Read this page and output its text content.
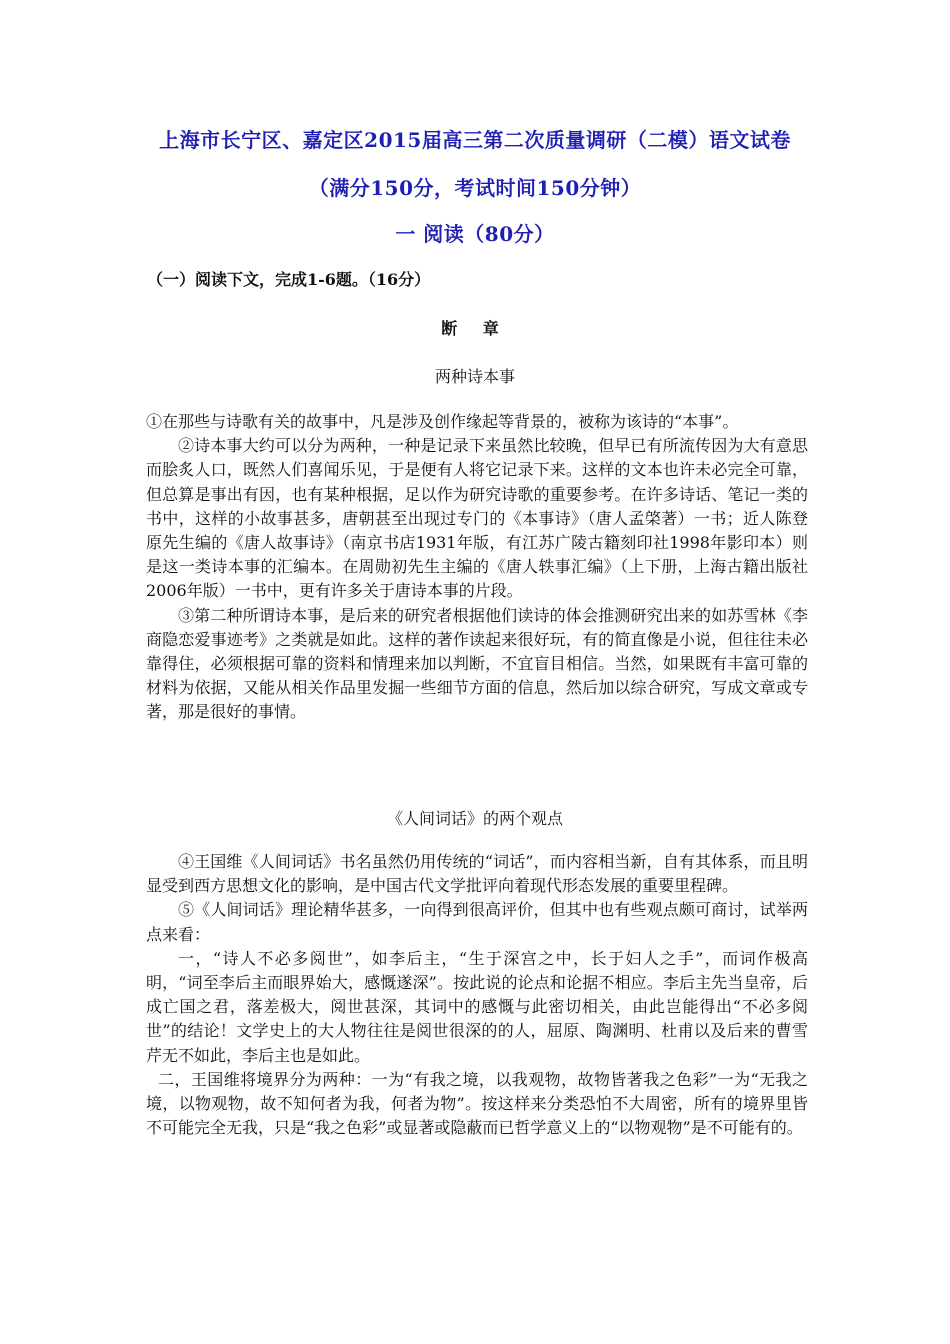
上海市长宁区、嘉定区2015届高三第二次质量调研（二模）语文试卷
（满分150分，考试时间150分钟）
一 阅读（80分）
（一）阅读下文，完成1-6题。（16分）
断 章
两种诗本事

①在那些与诗歌有关的故事中，凡是涉及创作缘起等背景的，被称为该诗的“本事”。

②诗本事大约可以分为两种，一种是记录下来虽然比较晚，但早已有所流传因为大有意思而脍炙人口，既然人们喜闻乐见，于是便有人将它记录下来。这样的文本也许未必完全可靠，但总算是事出有因，也有某种根据，足以作为研究诗歌的重要参考。在许多诗话、笔记一类的书中，这样的小故事甚多，唐朝甚至出现过专门的《本事诗》（唐人孟棨著）一书；近人陈登原先生编的《唐人故事诗》（南京书店1931年版，有江苏广陵古籍刻印社1998年影印本）则是这一类诗本事的汇编本。在周勋初先生主编的《唐人轶事汇编》（上下册，上海古籍出版社2006年版）一书中，更有许多关于唐诗本事的片段。

③第二种所谓诗本事，是后来的研究者根据他们读诗的体会推测研究出来的如苏雪林《李商隐恋爱事迹考》之类就是如此。这样的著作读起来很好玩，有的简直像是小说，但往往未必靠得住，必须根据可靠的资料和情理来加以判断，不宜盲目相信。当然，如果既有丰富可靠的材料为依据，又能从相关作品里发掘一些细节方面的信息，然后加以综合研究，写成文章或专著，那是很好的事情。

《人间词话》的两个观点

④王国维《人间词话》书名虽然仍用传统的“词话”，而内容相当新，自有其体系，而且明显受到西方思想文化的影响，是中国古代文学批评向着现代形态发展的重要里程碑。

⑤《人间词话》理论精华甚多，一向得到很高评价，但其中也有些观点颇可商讨，试举两点来看：

一，“诗人不必多阅世”，如李后主，“生于深宫之中，长于妇人之手”，而词作极高明，“词至李后主而眼界始大，感慨遂深”。按此说的论点和论据不相应。李后主先当皇帝，后成亡国之君，落差极大，阅世甚深，其词中的感慨与此密切相关，由此岂能得出“不必多阅世”的结论！文学史上的大人物往往是阅世很深的的人，屈原、陶渊明、杜甫以及后来的曹雪芹无不如此，李后主也是如此。

二，王国维将境界分为两种：一为“有我之境，以我观物，故物皆著我之色彩”一为“无我之境，以物观物，故不知何者为我，何者为物”。按这样来分类恐怕不大周密，所有的境界里皆不可能完全无我，只是“我之色彩”或显著或隐蔽而已哲学意义上的“以物观物”是不可能有的。
